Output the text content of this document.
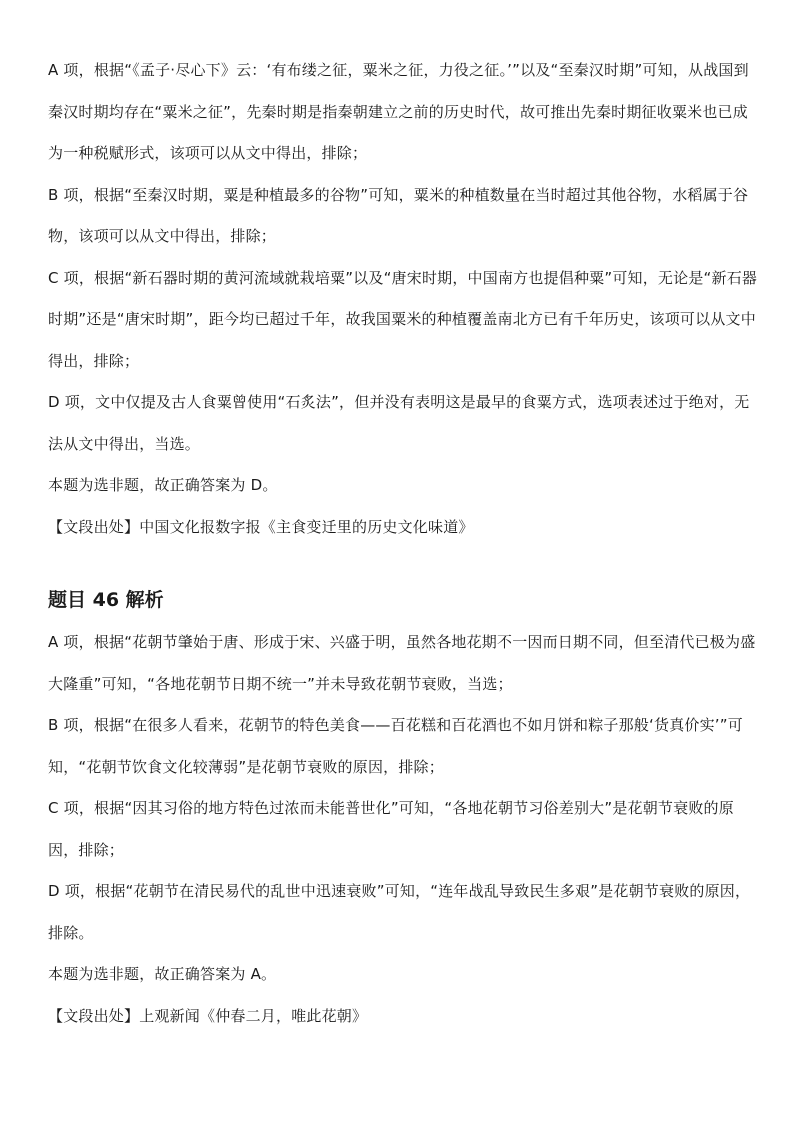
A 项，根据“《孟子·尽心下》云：‘有布缕之征，粟米之征，力役之征。’”以及“至秦汉时期”可知，从战国到秦汉时期均存在“粟米之征”，先秦时期是指秦朝建立之前的历史时代，故可推出先秦时期征收粟米也已成为一种税赋形式，该项可以从文中得出，排除；

B 项，根据“至秦汉时期，粟是种植最多的谷物”可知，粟米的种植数量在当时超过其他谷物，水稻属于谷物，该项可以从文中得出，排除；

C 项，根据“新石器时期的黄河流域就栽培粟”以及“唐宋时期，中国南方也提倡种粟”可知，无论是“新石器时期”还是“唐宋时期”，距今均已超过千年，故我国粟米的种植覆盖南北方已有千年历史，该项可以从文中得出，排除；

D 项，文中仅提及古人食粟曾使用“石炙法”，但并没有表明这是最早的食粟方式，选项表述过于绝对，无法从文中得出，当选。

本题为选非题，故正确答案为 D。

【文段出处】中国文化报数字报《主食变迁里的历史文化味道》

题目 46 解析

A 项，根据“花朝节肇始于唐、形成于宋、兴盛于明，虽然各地花期不一因而日期不同，但至清代已极为盛大隆重”可知，“各地花朝节日期不统一”并未导致花朝节衰败，当选；

B 项，根据“在很多人看来，花朝节的特色美食——百花糕和百花酒也不如月饼和粽子那般‘货真价实’”可知，“花朝节饮食文化较薄弱”是花朝节衰败的原因，排除；

C 项，根据“因其习俗的地方特色过浓而未能普世化”可知，“各地花朝节习俗差别大”是花朝节衰败的原因，排除；

D 项，根据“花朝节在清民易代的乱世中迅速衰败”可知，“连年战乱导致民生多艰”是花朝节衰败的原因，排除。

本题为选非题，故正确答案为 A。

【文段出处】上观新闻《仲春二月，唯此花朝》
